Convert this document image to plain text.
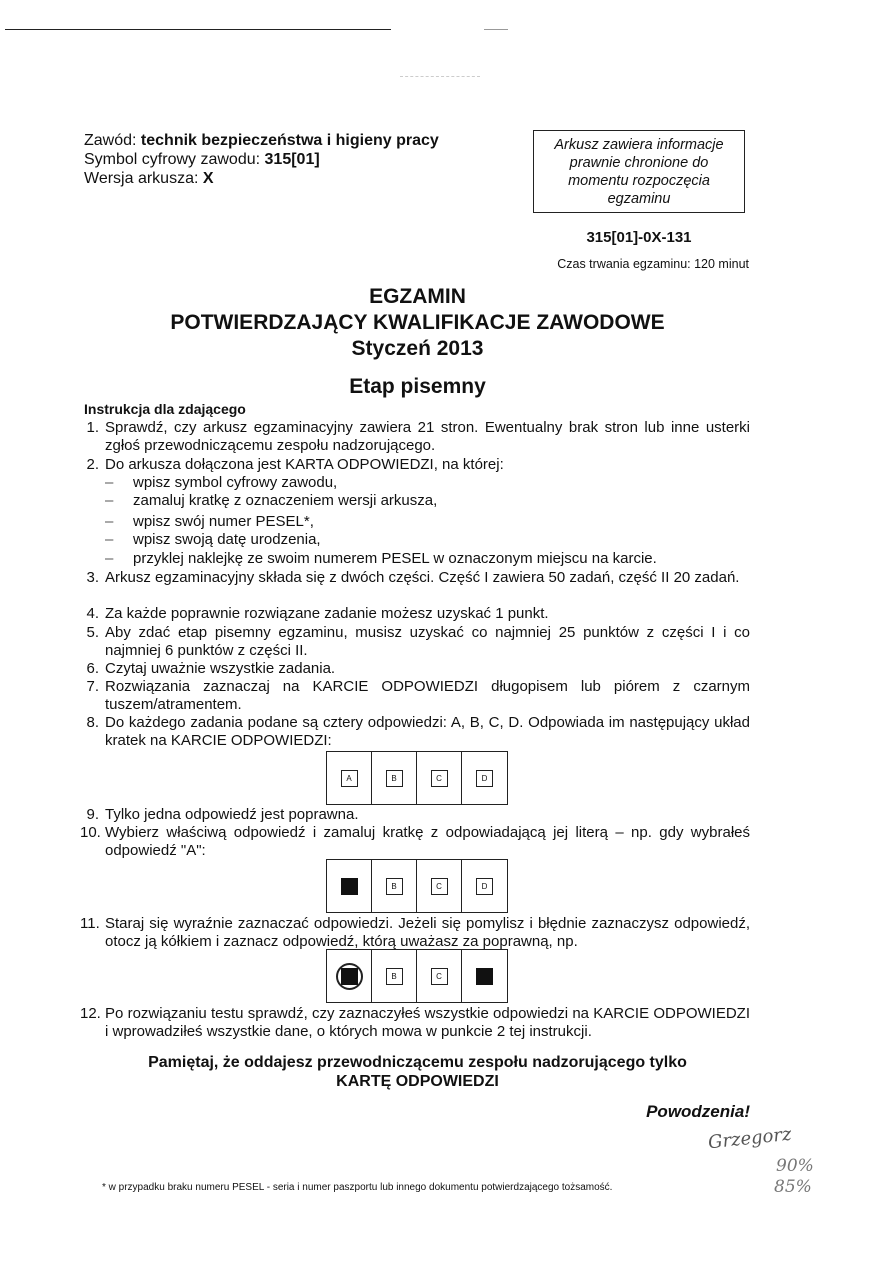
Zawód: technik bezpieczeństwa i higieny pracy
Symbol cyfrowy zawodu: 315[01]
Wersja arkusza: X
Arkusz zawiera informacje
prawnie chronione do
momentu rozpoczęcia
egzaminu
315[01]-0X-131
Czas trwania egzaminu: 120 minut
EGZAMIN
POTWIERDZAJĄCY KWALIFIKACJE ZAWODOWE
Styczeń 2013
Etap pisemny
Instrukcja dla zdającego
1. Sprawdź, czy arkusz egzaminacyjny zawiera 21 stron. Ewentualny brak stron lub inne usterki zgłoś przewodniczącemu zespołu nadzorującego.
2. Do arkusza dołączona jest KARTA ODPOWIEDZI, na której:
– wpisz symbol cyfrowy zawodu,
– zamaluj kratkę z oznaczeniem wersji arkusza,
– wpisz swój numer PESEL*,
– wpisz swoją datę urodzenia,
– przyklej naklejkę ze swoim numerem PESEL w oznaczonym miejscu na karcie.
3. Arkusz egzaminacyjny składa się z dwóch części. Część I zawiera 50 zadań, część II 20 zadań.
4. Za każde poprawnie rozwiązane zadanie możesz uzyskać 1 punkt.
5. Aby zdać etap pisemny egzaminu, musisz uzyskać co najmniej 25 punktów z części I i co najmniej 6 punktów z części II.
6. Czytaj uważnie wszystkie zadania.
7. Rozwiązania zaznaczaj na KARCIE ODPOWIEDZI długopisem lub piórem z czarnym tuszem/atramentem.
8. Do każdego zadania podane są cztery odpowiedzi: A, B, C, D. Odpowiada im następujący układ kratek na KARCIE ODPOWIEDZI:
A	B	C	D
9. Tylko jedna odpowiedź jest poprawna.
10. Wybierz właściwą odpowiedź i zamaluj kratkę z odpowiadającą jej literą – np. gdy wybrałeś odpowiedź "A":
B	C	D
11. Staraj się wyraźnie zaznaczać odpowiedzi. Jeżeli się pomylisz i błędnie zaznaczysz odpowiedź, otocz ją kółkiem i zaznacz odpowiedź, którą uważasz za poprawną, np.
B	C
12. Po rozwiązaniu testu sprawdź, czy zaznaczyłeś wszystkie odpowiedzi na KARCIE ODPOWIEDZI i wprowadziłeś wszystkie dane, o których mowa w punkcie 2 tej instrukcji.
Pamiętaj, że oddajesz przewodniczącemu zespołu nadzorującego tylko
KARTĘ ODPOWIEDZI
Powodzenia!
Grzegorz
90%
85%
* w przypadku braku numeru PESEL - seria i numer paszportu lub innego dokumentu potwierdzającego tożsamość.
